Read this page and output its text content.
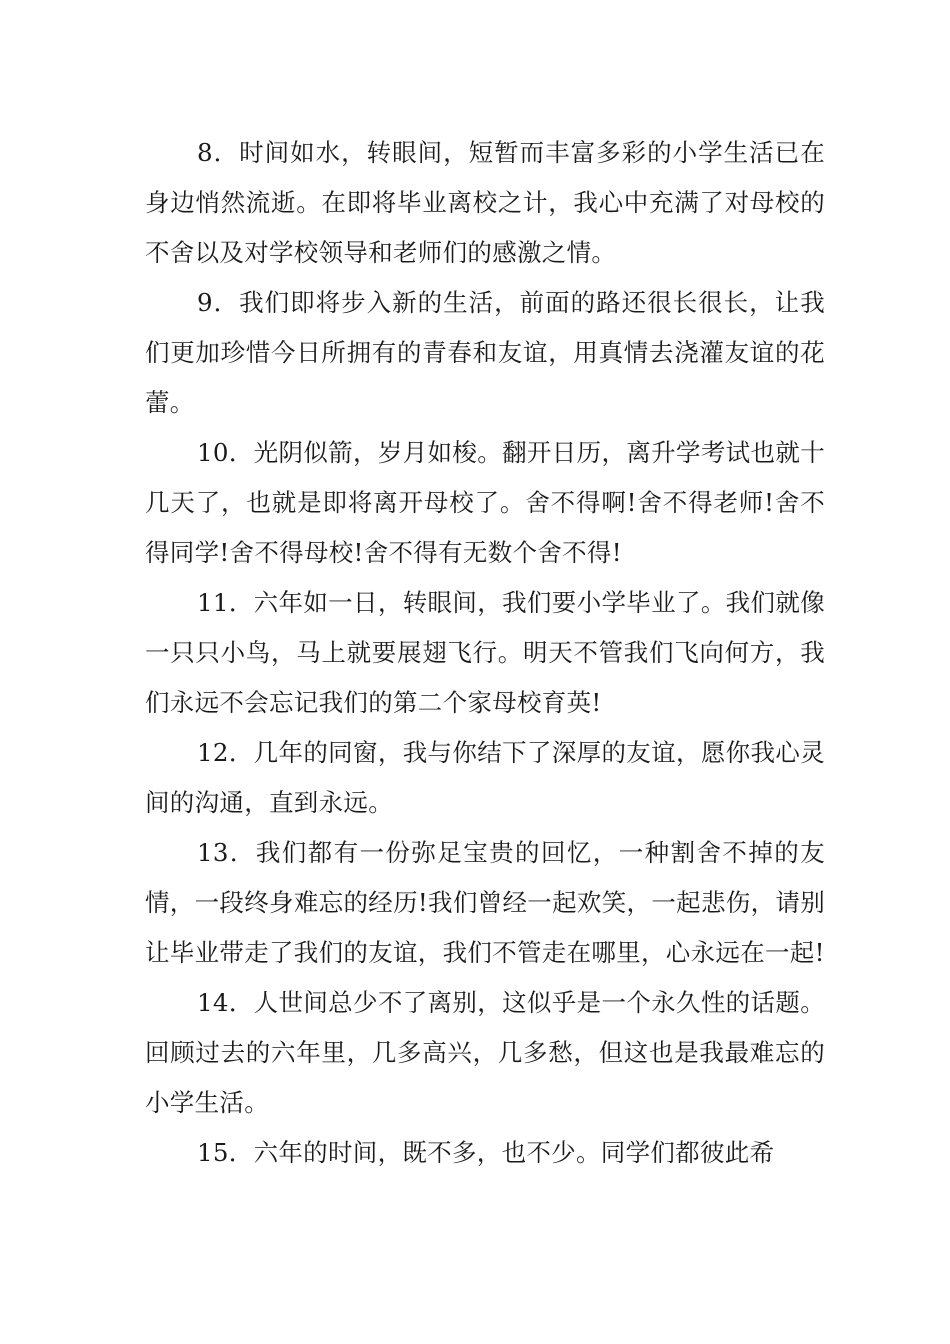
8．时间如水，转眼间，短暂而丰富多彩的小学生活已在身边悄然流逝。在即将毕业离校之计，我心中充满了对母校的不舍以及对学校领导和老师们的感激之情。

9．我们即将步入新的生活，前面的路还很长很长，让我们更加珍惜今日所拥有的青春和友谊，用真情去浇灌友谊的花蕾。

10．光阴似箭，岁月如梭。翻开日历，离升学考试也就十几天了，也就是即将离开母校了。舍不得啊!舍不得老师!舍不得同学!舍不得母校!舍不得有无数个舍不得!

11．六年如一日，转眼间，我们要小学毕业了。我们就像一只只小鸟，马上就要展翅飞行。明天不管我们飞向何方，我们永远不会忘记我们的第二个家母校育英!

12．几年的同窗，我与你结下了深厚的友谊，愿你我心灵间的沟通，直到永远。

13．我们都有一份弥足宝贵的回忆，一种割舍不掉的友情，一段终身难忘的经历!我们曾经一起欢笑，一起悲伤，请别让毕业带走了我们的友谊，我们不管走在哪里，心永远在一起!

14．人世间总少不了离别，这似乎是一个永久性的话题。回顾过去的六年里，几多高兴，几多愁，但这也是我最难忘的小学生活。

15．六年的时间，既不多，也不少。同学们都彼此希
